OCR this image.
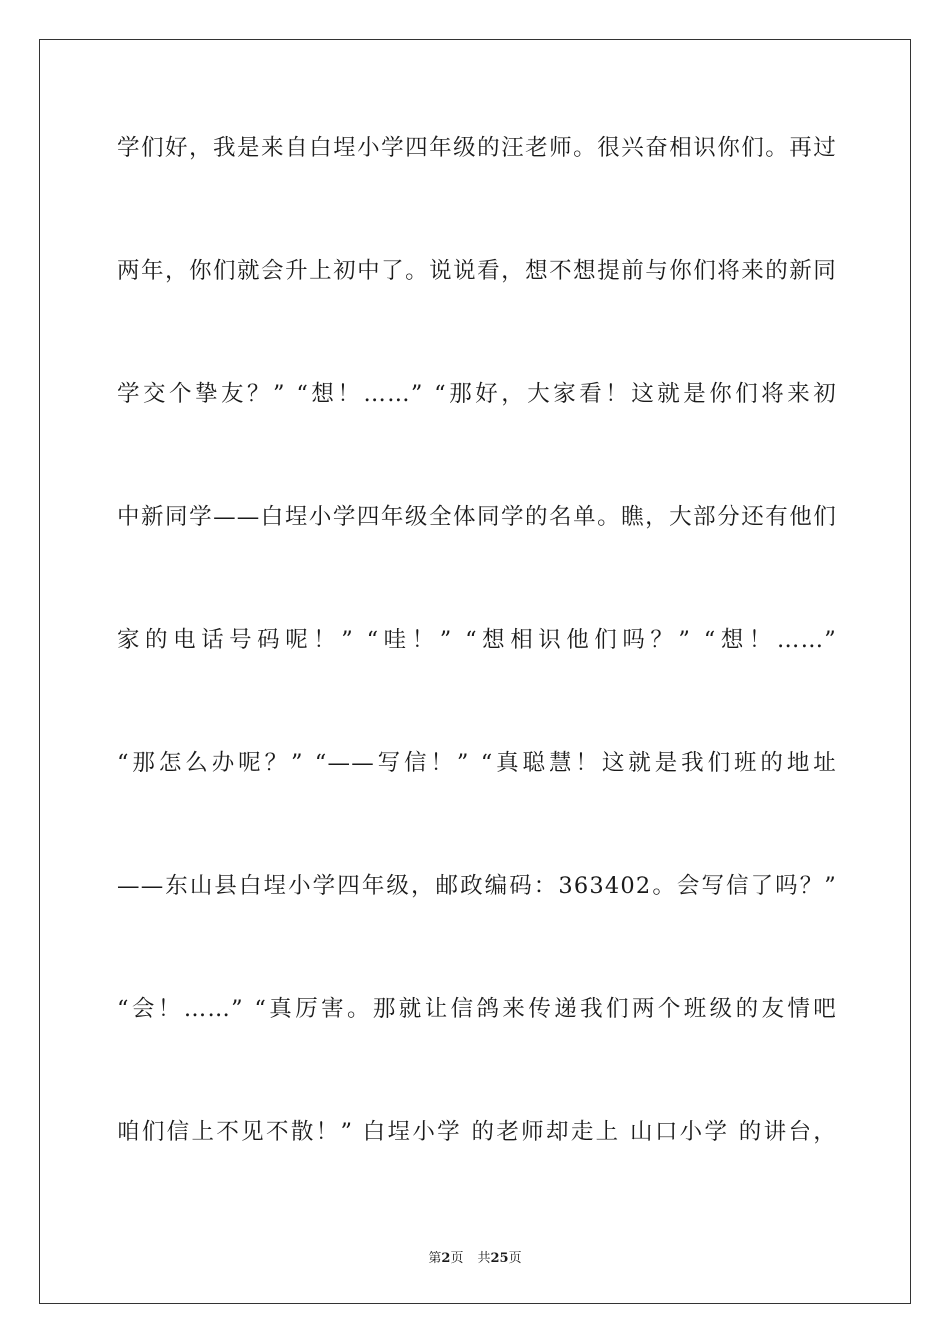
学们好，我是来自白埕小学四年级的汪老师。很兴奋相识你们。再过
两年，你们就会升上初中了。说说看，想不想提前与你们将来的新同
学交个挚友？” “想！……” “那好，大家看！这就是你们将来初
中新同学——白埕小学四年级全体同学的名单。瞧，大部分还有他们
家的电话号码呢！” “哇！” “想相识他们吗？” “想！……”
“那怎么办呢？” “——写信！” “真聪慧！这就是我们班的地址
——东山县白埕小学四年级，邮政编码：363402。会写信了吗？”
“会！……” “真厉害。那就让信鸽来传递我们两个班级的友情吧
咱们信上不见不散！” 白埕小学 的老师却走上 山口小学 的讲台，
第2页 共25页
